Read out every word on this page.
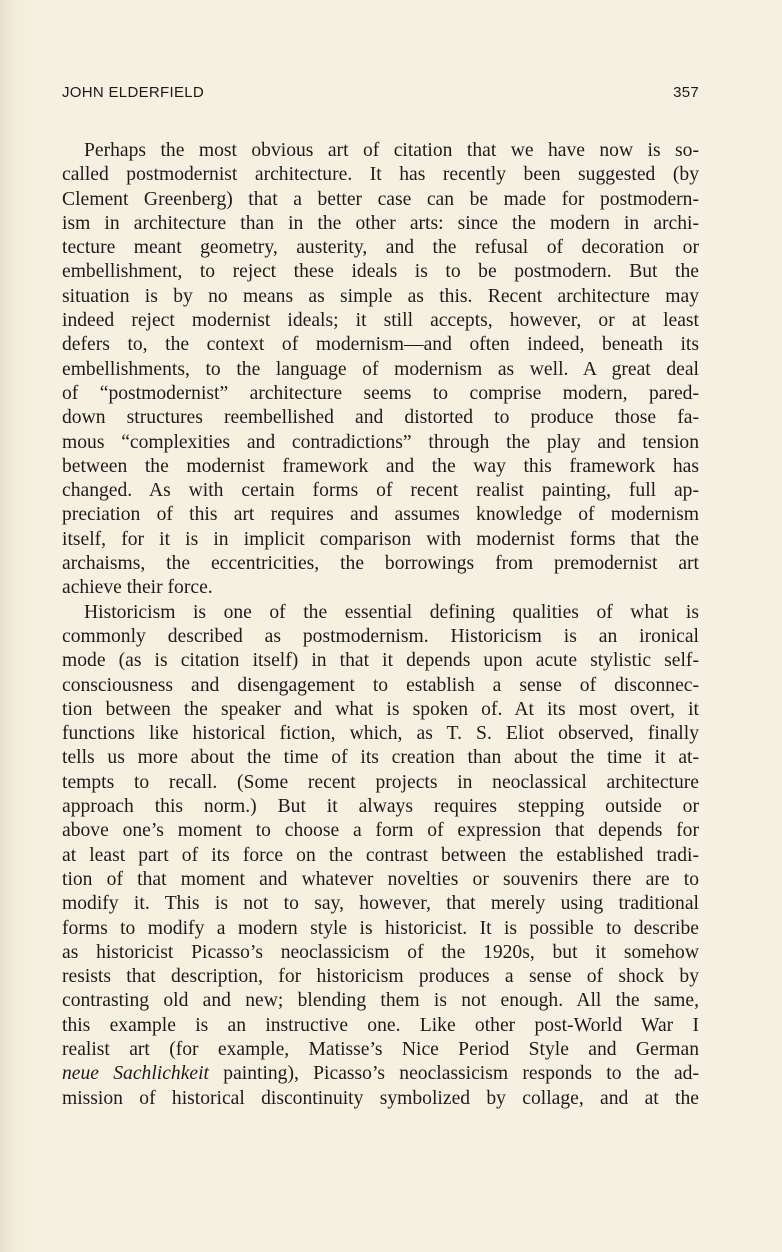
JOHN ELDERFIELD	357
Perhaps the most obvious art of citation that we have now is so-
called postmodernist architecture. It has recently been suggested (by
Clement Greenberg) that a better case can be made for postmodern-
ism in architecture than in the other arts: since the modern in archi-
tecture meant geometry, austerity, and the refusal of decoration or
embellishment, to reject these ideals is to be postmodern. But the
situation is by no means as simple as this. Recent architecture may
indeed reject modernist ideals; it still accepts, however, or at least
defers to, the context of modernism—and often indeed, beneath its
embellishments, to the language of modernism as well. A great deal
of “postmodernist” architecture seems to comprise modern, pared-
down structures reembellished and distorted to produce those fa-
mous “complexities and contradictions” through the play and tension
between the modernist framework and the way this framework has
changed. As with certain forms of recent realist painting, full ap-
preciation of this art requires and assumes knowledge of modernism
itself, for it is in implicit comparison with modernist forms that the
archaisms, the eccentricities, the borrowings from premodernist art
achieve their force.
Historicism is one of the essential defining qualities of what is
commonly described as postmodernism. Historicism is an ironical
mode (as is citation itself) in that it depends upon acute stylistic self-
consciousness and disengagement to establish a sense of disconnec-
tion between the speaker and what is spoken of. At its most overt, it
functions like historical fiction, which, as T. S. Eliot observed, finally
tells us more about the time of its creation than about the time it at-
tempts to recall. (Some recent projects in neoclassical architecture
approach this norm.) But it always requires stepping outside or
above one’s moment to choose a form of expression that depends for
at least part of its force on the contrast between the established tradi-
tion of that moment and whatever novelties or souvenirs there are to
modify it. This is not to say, however, that merely using traditional
forms to modify a modern style is historicist. It is possible to describe
as historicist Picasso’s neoclassicism of the 1920s, but it somehow
resists that description, for historicism produces a sense of shock by
contrasting old and new; blending them is not enough. All the same,
this example is an instructive one. Like other post-World War I
realist art (for example, Matisse’s Nice Period Style and German
neue Sachlichkeit painting), Picasso’s neoclassicism responds to the ad-
mission of historical discontinuity symbolized by collage, and at the
